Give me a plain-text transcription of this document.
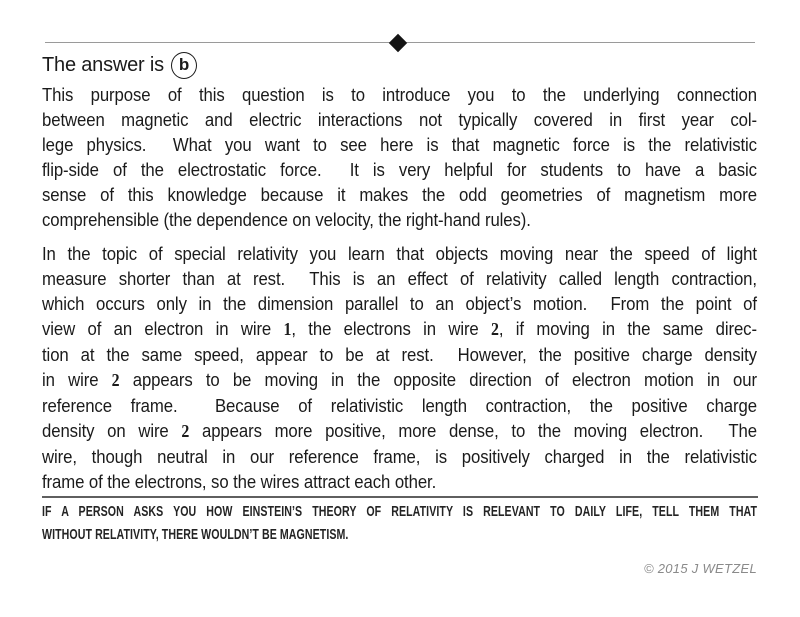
The answer is b
This purpose of this question is to introduce you to the underlying connection
between magnetic and electric interactions not typically covered in first year col-
lege physics.  What you want to see here is that magnetic force is the relativistic
flip-side of the electrostatic force.  It is very helpful for students to have a basic
sense of this knowledge because it makes the odd geometries of magnetism more
comprehensible (the dependence on velocity, the right-hand rules).
In the topic of special relativity you learn that objects moving near the speed of light
measure shorter than at rest.  This is an effect of relativity called length contraction,
which occurs only in the dimension parallel to an object’s motion.  From the point of
view of an electron in wire 1, the electrons in wire 2, if moving in the same direc-
tion at the same speed, appear to be at rest.  However, the positive charge density
in wire 2 appears to be moving in the opposite direction of electron motion in our
reference frame.  Because of relativistic length contraction, the positive charge
density on wire 2 appears more positive, more dense, to the moving electron.  The
wire, though neutral in our reference frame, is positively charged in the relativistic
frame of the electrons, so the wires attract each other.
IF A PERSON ASKS YOU HOW EINSTEIN’S THEORY OF RELATIVITY IS RELEVANT TO DAILY LIFE, TELL THEM THAT
WITHOUT RELATIVITY, THERE WOULDN’T BE MAGNETISM.
© 2015 J WETZEL
